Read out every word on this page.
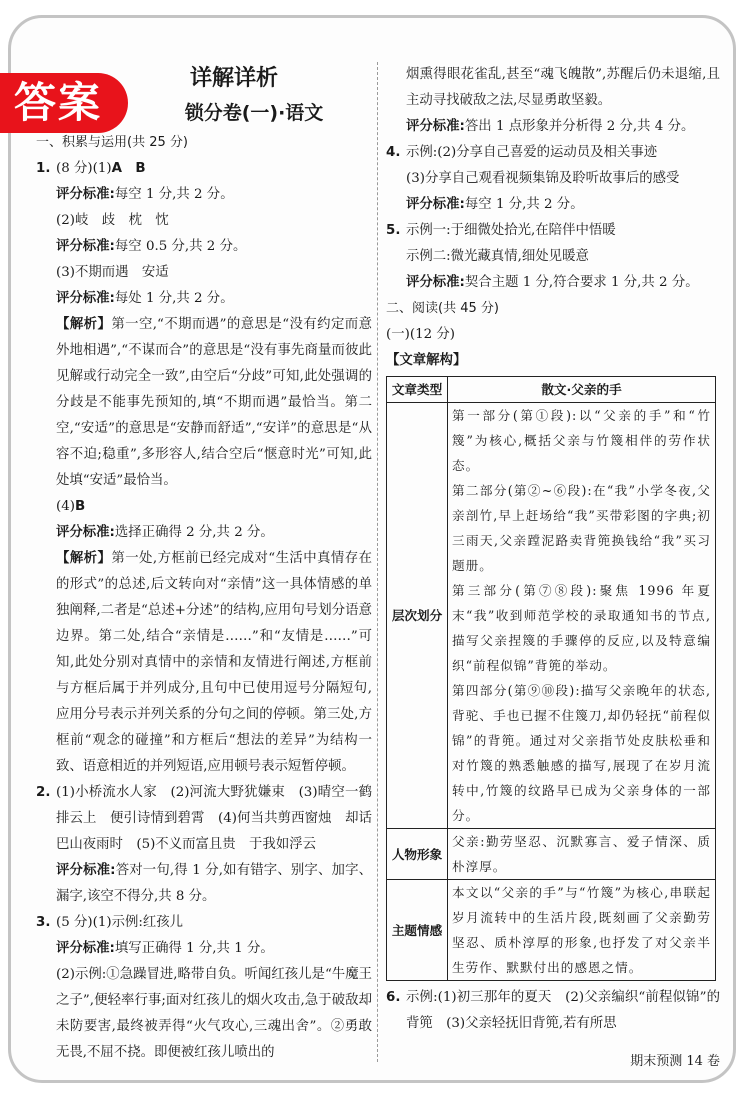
答案	详解详析
锁分卷(一)·语文
一、积累与运用(共 25 分)
1. (8 分)(1)A　B
评分标准:每空 1 分,共 2 分。
(2)岐　歧　枕　忱
评分标准:每空 0.5 分,共 2 分。
(3)不期而遇　安适
评分标准:每处 1 分,共 2 分。
【解析】第一空,“不期而遇”的意思是“没有约定而意外地相遇”,“不谋而合”的意思是“没有事先商量而彼此见解或行动完全一致”,由空后“分歧”可知,此处强调的分歧是不能事先预知的,填“不期而遇”最恰当。第二空,“安适”的意思是“安静而舒适”,“安详”的意思是“从容不迫;稳重”,多形容人,结合空后“惬意时光”可知,此处填“安适”最恰当。
(4)B
评分标准:选择正确得 2 分,共 2 分。
【解析】第一处,方框前已经完成对“生活中真情存在的形式”的总述,后文转向对“亲情”这一具体情感的单独阐释,二者是“总述+分述”的结构,应用句号划分语意边界。第二处,结合“亲情是……”和“友情是……”可知,此处分别对真情中的亲情和友情进行阐述,方框前与方框后属于并列成分,且句中已使用逗号分隔短句,应用分号表示并列关系的分句之间的停顿。第三处,方框前“观念的碰撞”和方框后“想法的差异”为结构一致、语意相近的并列短语,应用顿号表示短暂停顿。
2. (1)小桥流水人家　(2)河流大野犹嫌束　(3)晴空一鹤排云上　便引诗情到碧霄　(4)何当共剪西窗烛　却话巴山夜雨时　(5)不义而富且贵　于我如浮云
评分标准:答对一句,得 1 分,如有错字、别字、加字、漏字,该空不得分,共 8 分。
3. (5 分)(1)示例:红孩儿
评分标准:填写正确得 1 分,共 1 分。
(2)示例:①急躁冒进,略带自负。听闻红孩儿是“牛魔王之子”,便轻率行事;面对红孩儿的烟火攻击,急于破敌却未防要害,最终被弄得“火气攻心,三魂出舍”。②勇敢无畏,不屈不挠。即便被红孩儿喷出的
烟熏得眼花雀乱,甚至“魂飞魄散”,苏醒后仍未退缩,且主动寻找破敌之法,尽显勇敢坚毅。
评分标准:答出 1 点形象并分析得 2 分,共 4 分。
4. 示例:(2)分享自己喜爱的运动员及相关事迹
(3)分享自己观看视频集锦及聆听故事后的感受
评分标准:每空 1 分,共 2 分。
5. 示例一:于细微处拾光,在陪伴中悟暖
示例二:微光藏真情,细处见暖意
评分标准:契合主题 1 分,符合要求 1 分,共 2 分。
二、阅读(共 45 分)
(一)(12 分)
【文章解构】
文章类型	散文·父亲的手
层次划分	第一部分(第①段):以“父亲的手”和“竹篾”为核心,概括父亲与竹篾相伴的劳作状态。
第二部分(第②~⑥段):在“我”小学冬夜,父亲剖竹,早上赶场给“我”买带彩图的字典;初三雨天,父亲蹚泥路卖背篼换钱给“我”买习题册。
第三部分(第⑦⑧段):聚焦 1996 年夏末“我”收到师范学校的录取通知书的节点,描写父亲捏篾的手骤停的反应,以及特意编织“前程似锦”背篼的举动。
第四部分(第⑨⑩段):描写父亲晚年的状态,背驼、手也已握不住篾刀,却仍轻抚“前程似锦”的背篼。通过对父亲指节处皮肤松垂和对竹篾的熟悉触感的描写,展现了在岁月流转中,竹篾的纹路早已成为父亲身体的一部分。

人物形象	父亲:勤劳坚忍、沉默寡言、爱子情深、质朴淳厚。
主题情感	本文以“父亲的手”与“竹篾”为核心,串联起岁月流转中的生活片段,既刻画了父亲勤劳坚忍、质朴淳厚的形象,也抒发了对父亲半生劳作、默默付出的感恩之情。
6. 示例:(1)初三那年的夏天　(2)父亲编织“前程似锦”的背篼　(3)父亲轻抚旧背篼,若有所思
期末预测 14 卷
